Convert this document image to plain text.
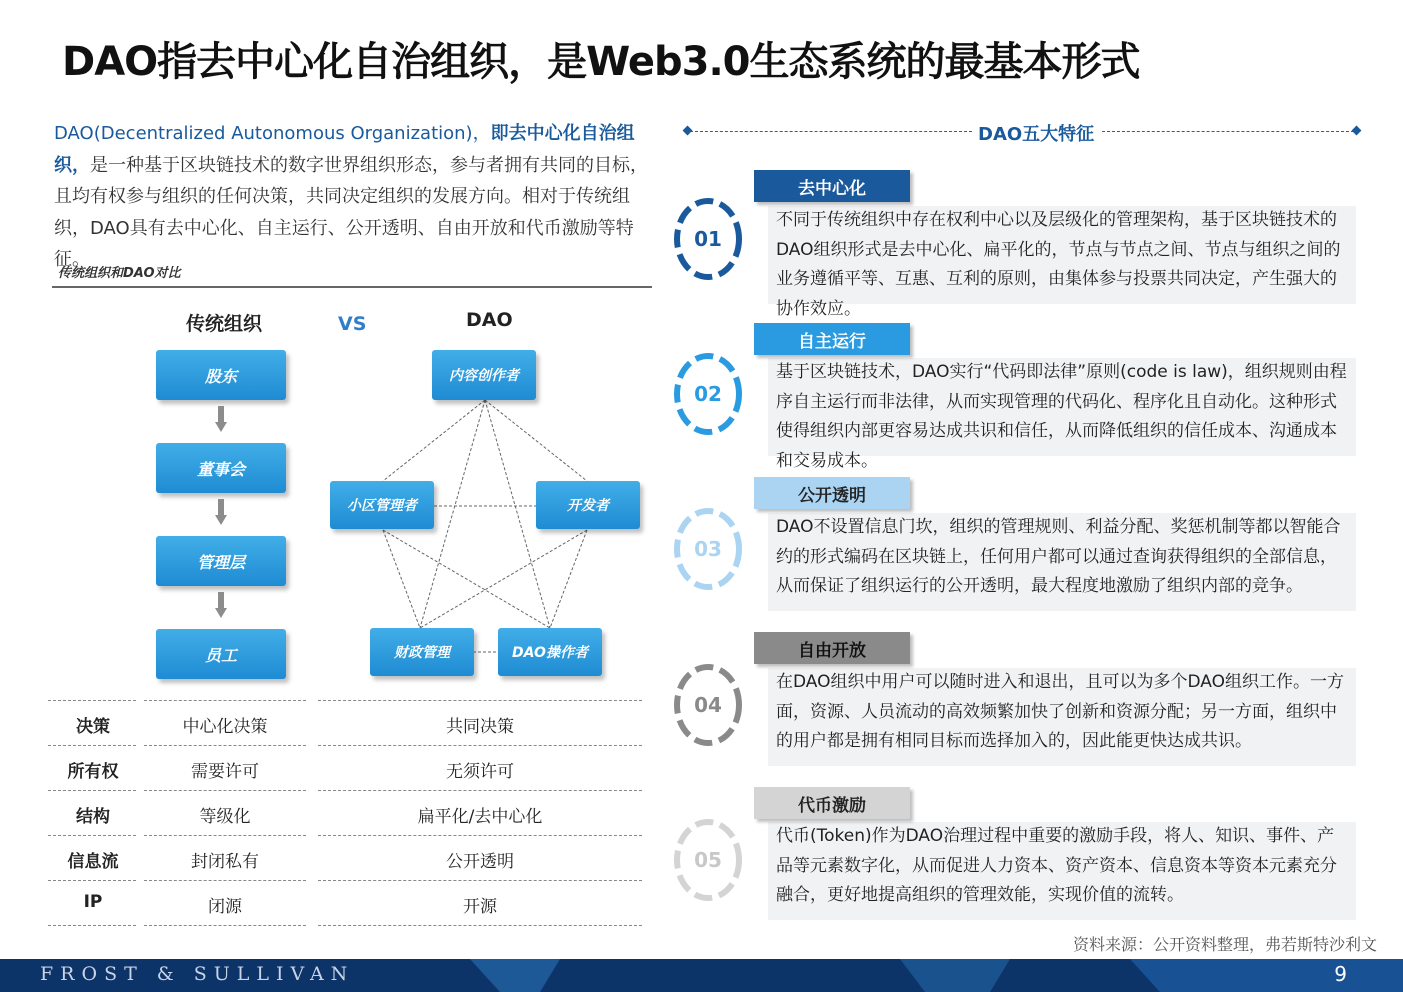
DAO指去中心化自治组织，是Web3.0生态系统的最基本形式
DAO(Decentralized Autonomous Organization)，即去中心化自治组织，是一种基于区块链技术的数字世界组织形态，参与者拥有共同的目标，且均有权参与组织的任何决策，共同决定组织的发展方向。相对于传统组织，DAO具有去中心化、自主运行、公开透明、自由开放和代币激励等特征。
传统组织和DAO对比
传统组织	VS	DAO
股东
董事会
管理层
员工
内容创作者
小区管理者	开发者
财政管理	DAO操作者
决策	中心化决策	共同决策
所有权	需要许可	无须许可
结构	等级化	扁平化/去中心化
信息流	封闭私有	公开透明
IP	闭源	开源
DAO五大特征

不同于传统组织中存在权利中心以及层级化的管理架构，基于区块链技术的DAO组织形式是去中心化、扁平化的，节点与节点之间、节点与组织之间的业务遵循平等、互惠、互利的原则，由集体参与投票共同决定，产生强大的协作效应。

去中心化
01

基于区块链技术，DAO实行“代码即法律”原则(code is law)，组织规则由程序自主运行而非法律，从而实现管理的代码化、程序化且自动化。这种形式使得组织内部更容易达成共识和信任，从而降低组织的信任成本、沟通成本和交易成本。

自主运行
02

DAO不设置信息门坎，组织的管理规则、利益分配、奖惩机制等都以智能合约的形式编码在区块链上，任何用户都可以通过查询获得组织的全部信息，从而保证了组织运行的公开透明，最大程度地激励了组织内部的竞争。

公开透明
03

在DAO组织中用户可以随时进入和退出，且可以为多个DAO组织工作。一方面，资源、人员流动的高效频繁加快了创新和资源分配；另一方面，组织中的用户都是拥有相同目标而选择加入的，因此能更快达成共识。

自由开放
04

代币(Token)作为DAO治理过程中重要的激励手段，将人、知识、事件、产品等元素数字化，从而促进人力资本、资产资本、信息资本等资本元素充分融合，更好地提高组织的管理效能，实现价值的流转。

代币激励
05
资料来源：公开资料整理，弗若斯特沙利文
FROST & SULLIVAN	9
